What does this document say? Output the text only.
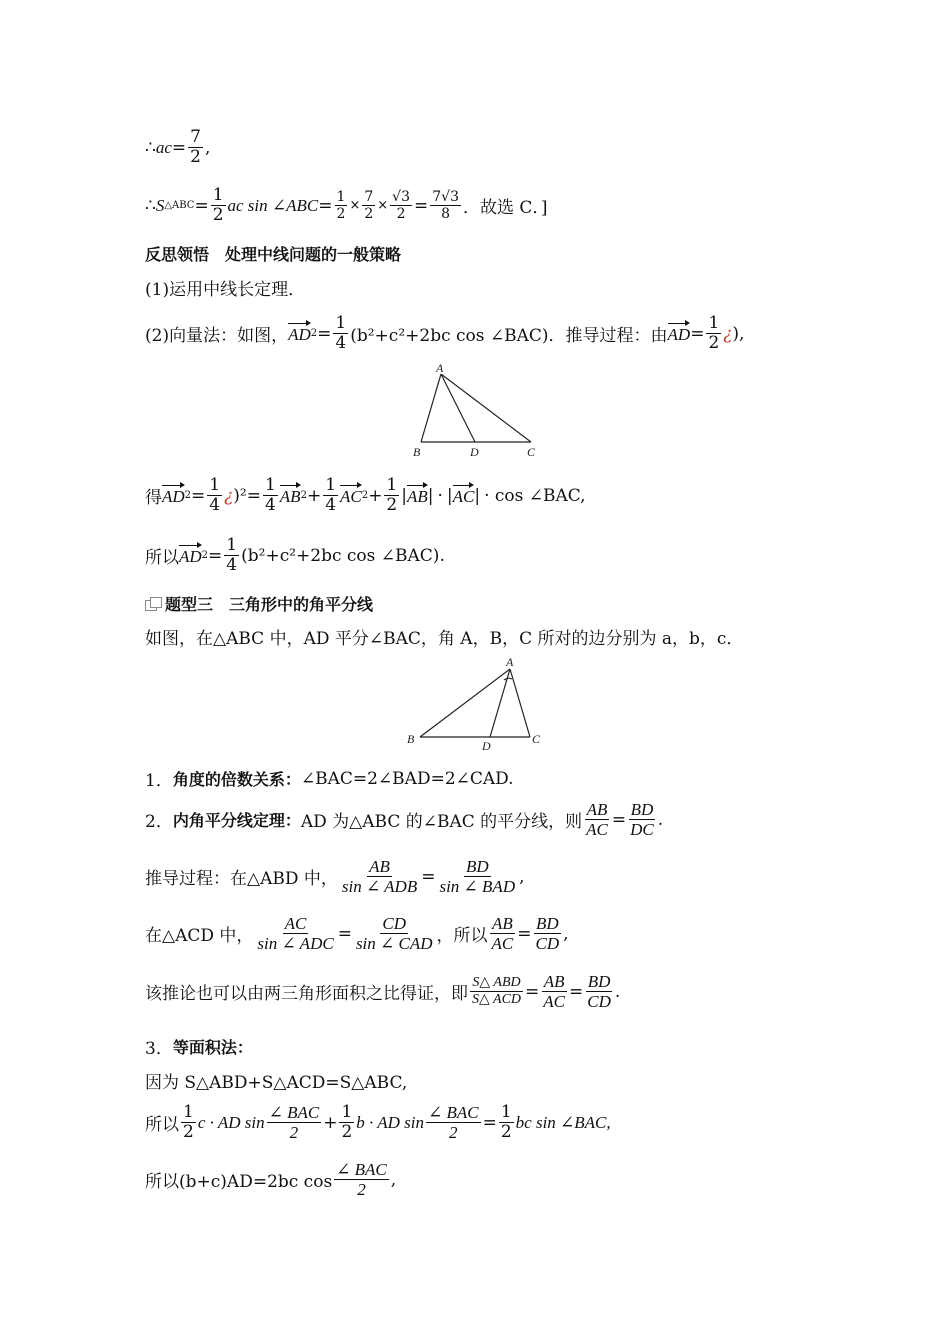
∴ ac = $\frac{7}{2}$ ,
∴ S △ABC = $\frac{1}{2}$ ac sin ∠ABC = $\frac{1}{2} \times \frac{7}{2} \times \frac{√3}{2} = \frac{7√3}{8}$ ．故选 C．]
反思领悟　处理中线问题的一般策略
(1)运用中线长定理．
(2)向量法：如图， AD $2 = \frac{1}{4} (b^2+c^2+2bc$ cos ∠BAC)．推导过程：由 AD = $\frac{1}{2}$ ¿ ),
A
B	D	C
得 AD $2 = \frac{1}{4}$ ¿ )$^2= \frac{1}{4}$ AB $2 + \frac{1}{4}$ AC $2 + \frac{1}{2}$ | AB | · | AC | · cos ∠BAC,
所以 AD $2 = \frac{1}{4} (b^2+c^2+2bc$ cos ∠BAC).
题型三　三角形中的角平分线
如图，在△ABC 中，AD 平分∠BAC，角 A，B，C 所对的边分别为 a，b，c．
A
B	D	C
1． 角度的倍数关系： ∠BAC=2∠BAD=2∠CAD.
2． 内角平分线定理： AD 为△ABC 的∠BAC 的平分线，则 $\frac{AB}{AC} = \frac{BD}{DC}$ .
推导过程：在△ABD 中，
AB
sin ∠ ADB = BD
sin ∠ BAD ,
在△ACD 中，
AC
sin ∠ ADC = CD
sin ∠ CAD ，所以 $\frac{AB}{AC} = \frac{BD}{CD}$ ,
该推论也可以由两三角形面积之比得证，即
S△ ABD
S△ ACD = $\frac{AB}{AC} = \frac{BD}{CD}$ .
3． 等面积法：
因为 S△ABD+S△ACD=S△ABC,
所以
1
2 c · AD sin ∠ BAC
$2 + \frac{1}{2}$ b · AD sin ∠ BAC
$2 = \frac{1}{2}$ bc sin ∠BAC,
所以(b+c)AD=2bc cos
∠ BAC
2 ,
